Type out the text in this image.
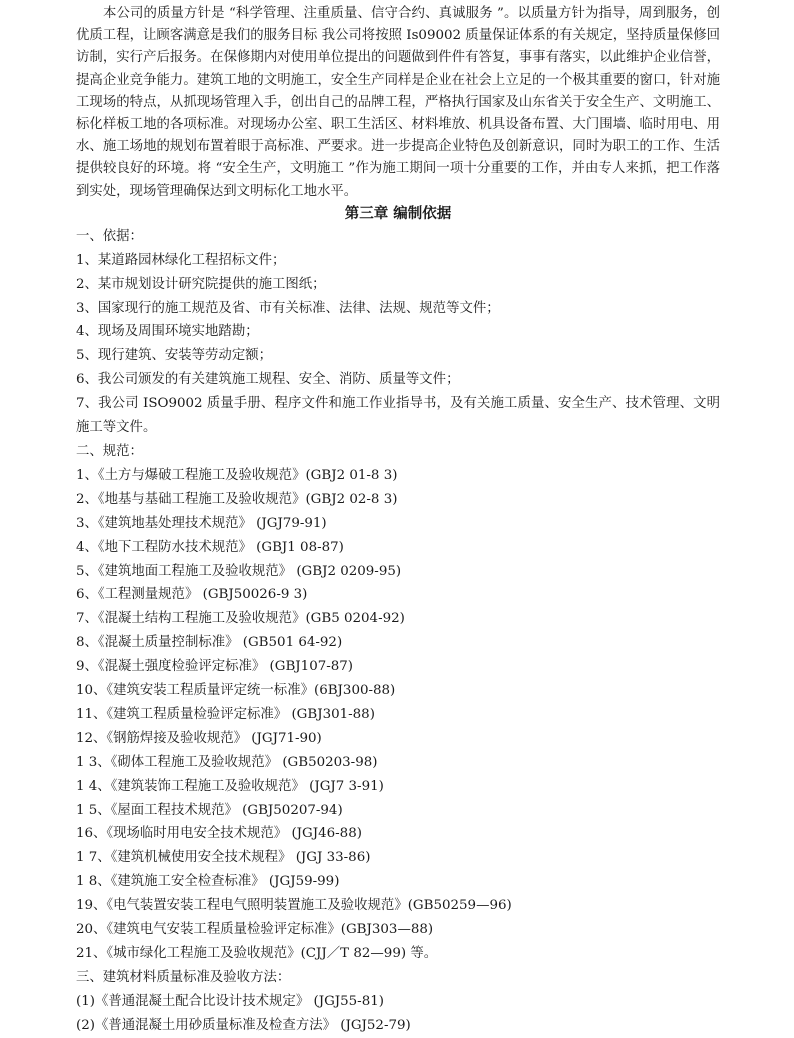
本公司的质量方针是 “科学管理、注重质量、信守合约、真诚服务 ”。以质量方针为指导，周到服务，创优质工程，让顾客满意是我们的服务目标 我公司将按照 Is09002 质量保证体系的有关规定，坚持质量保修回访制，实行产后报务。在保修期内对使用单位提出的问题做到件件有答复，事事有落实，以此维护企业信誉，提高企业竞争能力。建筑工地的文明施工，安全生产同样是企业在社会上立足的一个极其重要的窗口，针对施工现场的特点，从抓现场管理入手，创出自己的品牌工程，严格执行国家及山东省关于安全生产、文明施工、标化样板工地的各项标准。对现场办公室、职工生活区、材料堆放、机具设备布置、大门围墙、临时用电、用水、施工场地的规划布置着眼于高标准、严要求。进一步提高企业特色及创新意识，同时为职工的工作、生活提供较良好的环境。将 “安全生产，文明施工 ”作为施工期间一项十分重要的工作，并由专人来抓，把工作落到实处，现场管理确保达到文明标化工地水平。

第三章 编制依据

一、依据：

1、某道路园林绿化工程招标文件；

2、某市规划设计研究院提供的施工图纸；

3、国家现行的施工规范及省、市有关标准、法律、法规、规范等文件；

4、现场及周围环境实地踏勘；

5、现行建筑、安装等劳动定额；

6、我公司颁发的有关建筑施工规程、安全、消防、质量等文件；

7、我公司 ISO9002 质量手册、程序文件和施工作业指导书，及有关施工质量、安全生产、技术管理、文明施工等文件。

二、规范：

1、《土方与爆破工程施工及验收规范》(GBJ2 01-8 3)

2、《地基与基础工程施工及验收规范》(GBJ2 02-8 3)

3、《建筑地基处理技术规范》 (JGJ79-91)

4、《地下工程防水技术规范》 (GBJ1 08-87)

5、《建筑地面工程施工及验收规范》 (GBJ2 0209-95)

6、《工程测量规范》 (GBJ50026-9 3)

7、《混凝土结构工程施工及验收规范》(GB5 0204-92)

8、《混凝土质量控制标准》 (GB501 64-92)

9、《混凝土强度检验评定标准》 (GBJ107-87)

10、《建筑安装工程质量评定统一标准》(6BJ300-88)

11、《建筑工程质量检验评定标准》 (GBJ301-88)

12、《钢筋焊接及验收规范》 (JGJ71-90)

1 3、《砌体工程施工及验收规范》 (GB50203-98)

1 4、《建筑装饰工程施工及验收规范》 (JGJ7 3-91)

1 5、《屋面工程技术规范》 (GBJ50207-94)

16、《现场临时用电安全技术规范》 (JGJ46-88)

1 7、《建筑机械使用安全技术规程》 (JGJ 33-86)

1 8、《建筑施工安全检查标准》 (JGJ59-99)

19、《电气装置安装工程电气照明装置施工及验收规范》(GB50259—96)

20、《建筑电气安装工程质量检验评定标准》(GBJ303—88)

21、《城市绿化工程施工及验收规范》(CJJ／T 82—99) 等。

三、建筑材料质量标准及验收方法：

(1)《普通混凝土配合比设计技术规定》 (JGJ55-81)

(2)《普通混凝土用砂质量标准及检查方法》 (JGJ52-79)
